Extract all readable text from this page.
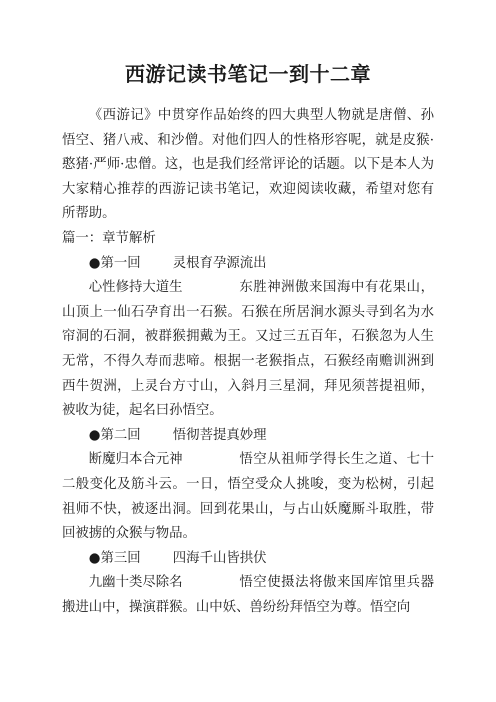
西游记读书笔记一到十二章

《西游记》中贯穿作品始终的四大典型人物就是唐僧、孙悟空、猪八戒、和沙僧。对他们四人的性格形容呢，就是皮猴·憨猪·严师·忠僧。这，也是我们经常评论的话题。以下是本人为大家精心推荐的西游记读书笔记，欢迎阅读收藏，希望对您有所帮助。

篇一：章节解析

●第一回 灵根育孕源流出

心性修持大道生	东胜神洲傲来国海中有花果山，山顶上一仙石孕育出一石猴。石猴在所居涧水源头寻到名为水帘洞的石洞，被群猴拥戴为王。又过三五百年，石猴忽为人生无常，不得久寿而悲啼。根据一老猴指点，石猴经南赡训洲到西牛贺洲，上灵台方寸山，入斜月三星洞，拜见须菩提祖师，被收为徒，起名曰孙悟空。

●第二回 悟彻菩提真妙理

断魔归本合元神	悟空从祖师学得长生之道、七十二般变化及筋斗云。一日，悟空受众人挑唆，变为松树，引起祖师不快，被逐出洞。回到花果山，与占山妖魔厮斗取胜，带回被掳的众猴与物品。

●第三回 四海千山皆拱伏

九幽十类尽除名	悟空使摄法将傲来国库馆里兵器搬进山中，操演群猴。山中妖、兽纷纷拜悟空为尊。悟空向
